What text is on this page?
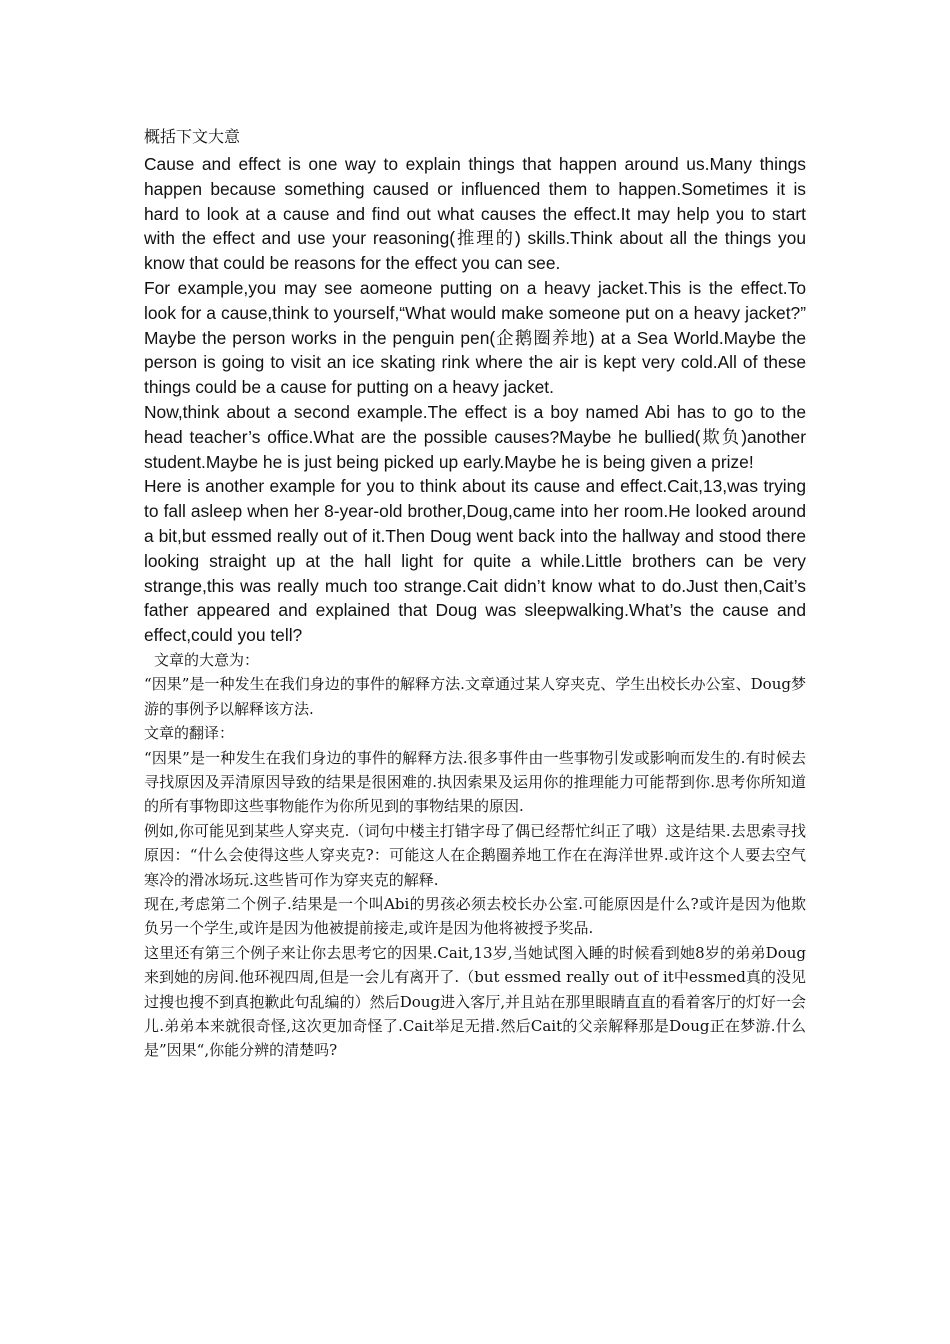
概括下文大意

Cause and effect is one way to explain things that happen around us.Many things happen because something caused or influenced them to happen.Sometimes it is hard to look at a cause and find out what causes the effect.It may help you to start with the effect and use your reasoning(推理的) skills.Think about all the things you know that could be reasons for the effect you can see.

For example,you may see aomeone putting on a heavy jacket.This is the effect.To look for a cause,think to yourself,“What would make someone put on a heavy jacket?” Maybe the person works in the penguin pen(企鹅圈养地) at a Sea World.Maybe the person is going to visit an ice skating rink where the air is kept very cold.All of these things could be a cause for putting on a heavy jacket.

Now,think about a second example.The effect is a boy named Abi has to go to the head teacher’s office.What are the possible causes?Maybe he bullied(欺负)another student.Maybe he is just being picked up early.Maybe he is being given a prize!

Here is another example for you to think about its cause and effect.Cait,13,was trying to fall asleep when her 8-year-old brother,Doug,came into her room.He looked around a bit,but essmed really out of it.Then Doug went back into the hallway and stood there looking straight up at the hall light for quite a while.Little brothers can be very strange,this was really much too strange.Cait didn’t know what to do.Just then,Cait’s father appeared and explained that Doug was sleepwalking.What’s the cause and effect,could you tell?

文章的大意为：

“因果”是一种发生在我们身边的事件的解释方法.文章通过某人穿夹克、学生出校长办公室、Doug梦游的事例予以解释该方法.

文章的翻译：

“因果”是一种发生在我们身边的事件的解释方法.很多事件由一些事物引发或影响而发生的.有时候去寻找原因及弄清原因导致的结果是很困难的.执因索果及运用你的推理能力可能帮到你.思考你所知道的所有事物即这些事物能作为你所见到的事物结果的原因.

例如,你可能见到某些人穿夹克.（词句中楼主打错字母了偶已经帮忙纠正了哦）这是结果.去思索寻找原因：“什么会使得这些人穿夹克?：可能这人在企鹅圈养地工作在在海洋世界.或许这个人要去空气寒冷的滑冰场玩.这些皆可作为穿夹克的解释.

现在,考虑第二个例子.结果是一个叫Abi的男孩必须去校长办公室.可能原因是什么?或许是因为他欺负另一个学生,或许是因为他被提前接走,或许是因为他将被授予奖品.

这里还有第三个例子来让你去思考它的因果.Cait,13岁,当她试图入睡的时候看到她8岁的弟弟Doug来到她的房间.他环视四周,但是一会儿有离开了.（but essmed really out of it中essmed真的没见过搜也搜不到真抱歉此句乱编的）然后Doug进入客厅,并且站在那里眼睛直直的看着客厅的灯好一会儿.弟弟本来就很奇怪,这次更加奇怪了.Cait举足无措.然后Cait的父亲解释那是Doug正在梦游.什么是”因果“,你能分辨的清楚吗?
